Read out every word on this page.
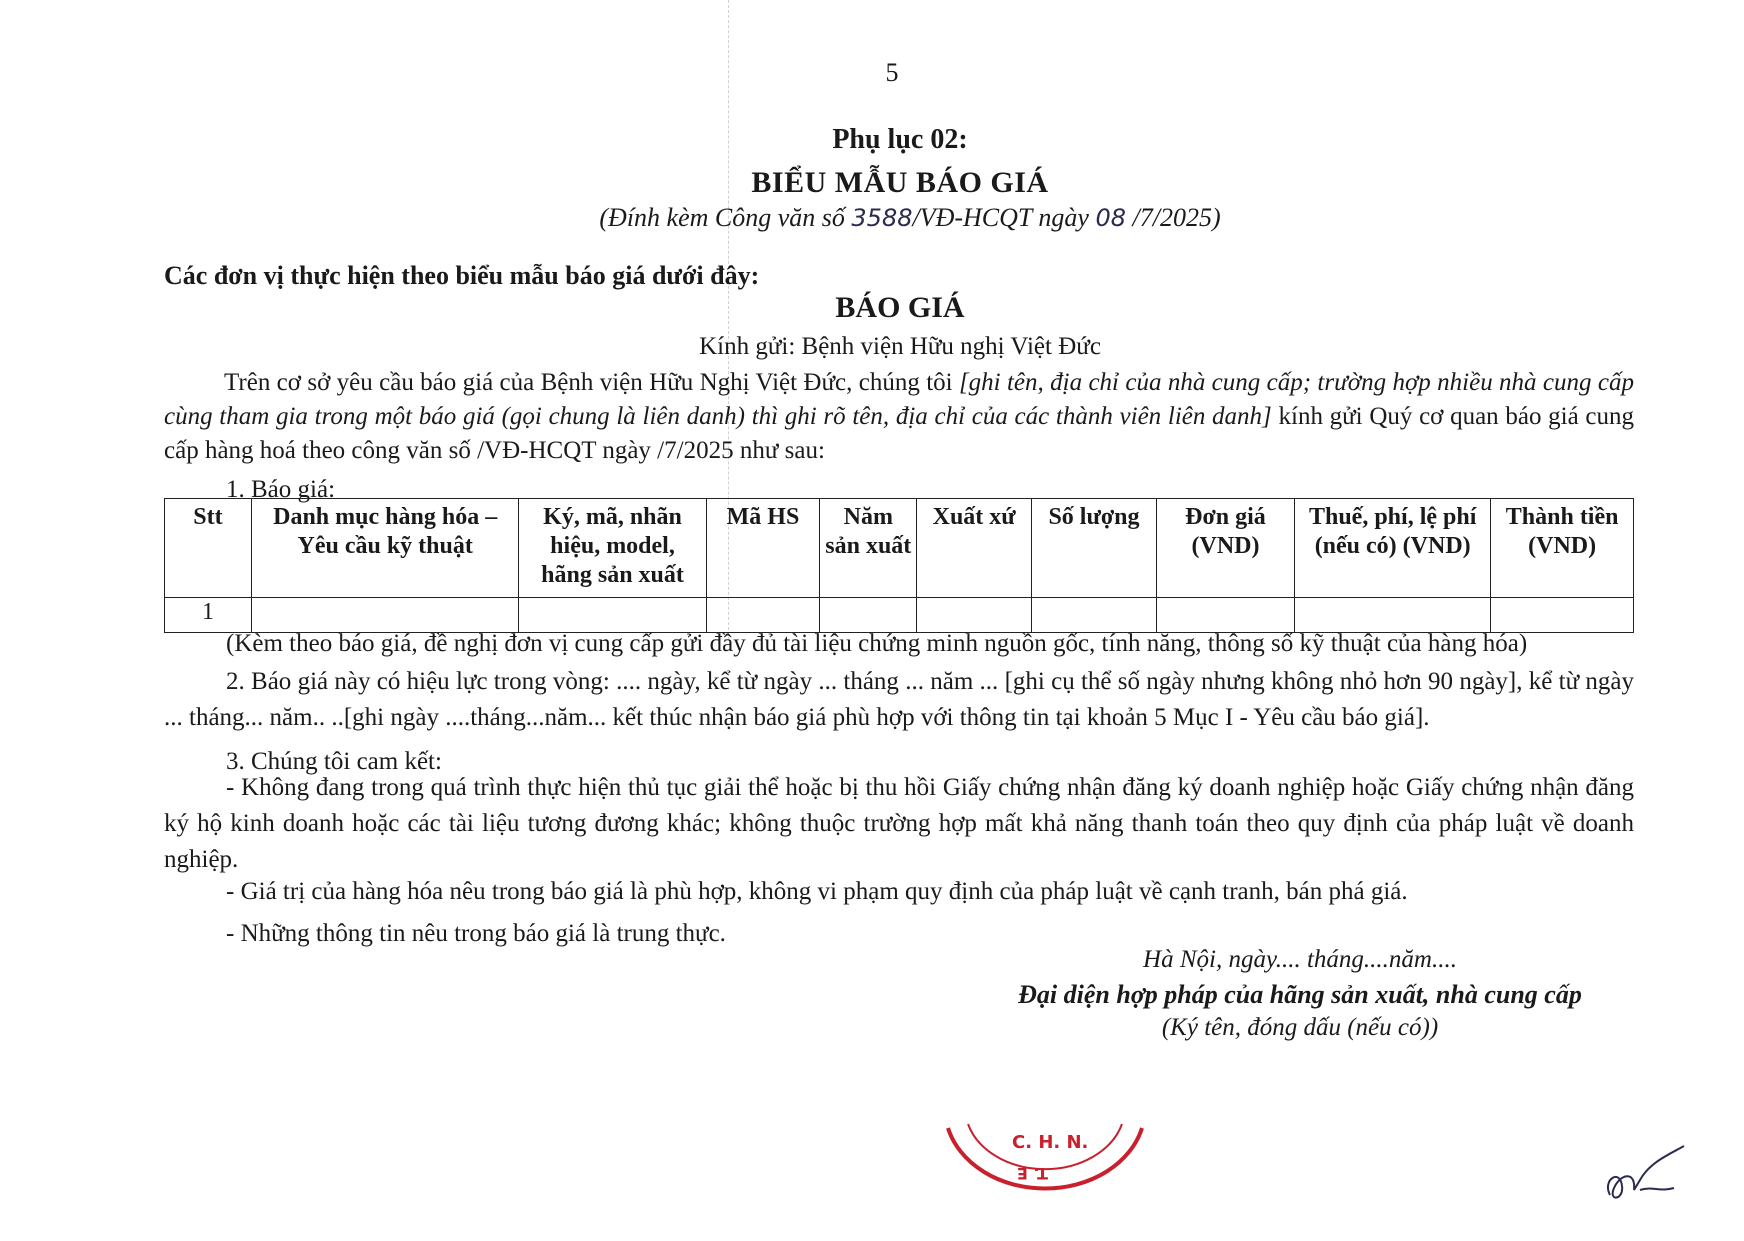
5
Phụ lục 02:
BIỂU MẪU BÁO GIÁ
(Đính kèm Công văn số 3588/VĐ-HCQT ngày 08 /7/2025)
Các đơn vị thực hiện theo biểu mẫu báo giá dưới đây:
BÁO GIÁ
Kính gửi: Bệnh viện Hữu nghị Việt Đức
Trên cơ sở yêu cầu báo giá của Bệnh viện Hữu Nghị Việt Đức, chúng tôi [ghi tên, địa chỉ của nhà cung cấp; trường hợp nhiều nhà cung cấp cùng tham gia trong một báo giá (gọi chung là liên danh) thì ghi rõ tên, địa chỉ của các thành viên liên danh] kính gửi Quý cơ quan báo giá cung cấp hàng hoá theo công văn số /VĐ-HCQT ngày /7/2025 như sau:
1. Báo giá:
Stt	Danh mục hàng hóa – Yêu cầu kỹ thuật	Ký, mã, nhãn hiệu, model, hãng sản xuất	Mã HS	Năm sản xuất	Xuất xứ	Số lượng	Đơn giá (VND)	Thuế, phí, lệ phí (nếu có) (VND)	Thành tiền (VND)
1									
(Kèm theo báo giá, đề nghị đơn vị cung cấp gửi đầy đủ tài liệu chứng minh nguồn gốc, tính năng, thông số kỹ thuật của hàng hóa)
2. Báo giá này có hiệu lực trong vòng: .... ngày, kể từ ngày ... tháng ... năm ... [ghi cụ thể số ngày nhưng không nhỏ hơn 90 ngày], kể từ ngày ... tháng... năm.. ..[ghi ngày ....tháng...năm... kết thúc nhận báo giá phù hợp với thông tin tại khoản 5 Mục I - Yêu cầu báo giá].
3. Chúng tôi cam kết:
- Không đang trong quá trình thực hiện thủ tục giải thể hoặc bị thu hồi Giấy chứng nhận đăng ký doanh nghiệp hoặc Giấy chứng nhận đăng ký hộ kinh doanh hoặc các tài liệu tương đương khác; không thuộc trường hợp mất khả năng thanh toán theo quy định của pháp luật về doanh nghiệp.
- Giá trị của hàng hóa nêu trong báo giá là phù hợp, không vi phạm quy định của pháp luật về cạnh tranh, bán phá giá.
- Những thông tin nêu trong báo giá là trung thực.
Hà Nội, ngày.... tháng....năm....
Đại diện hợp pháp của hãng sản xuất, nhà cung cấp
(Ký tên, đóng dấu (nếu có))
C. H. N.
T. E
